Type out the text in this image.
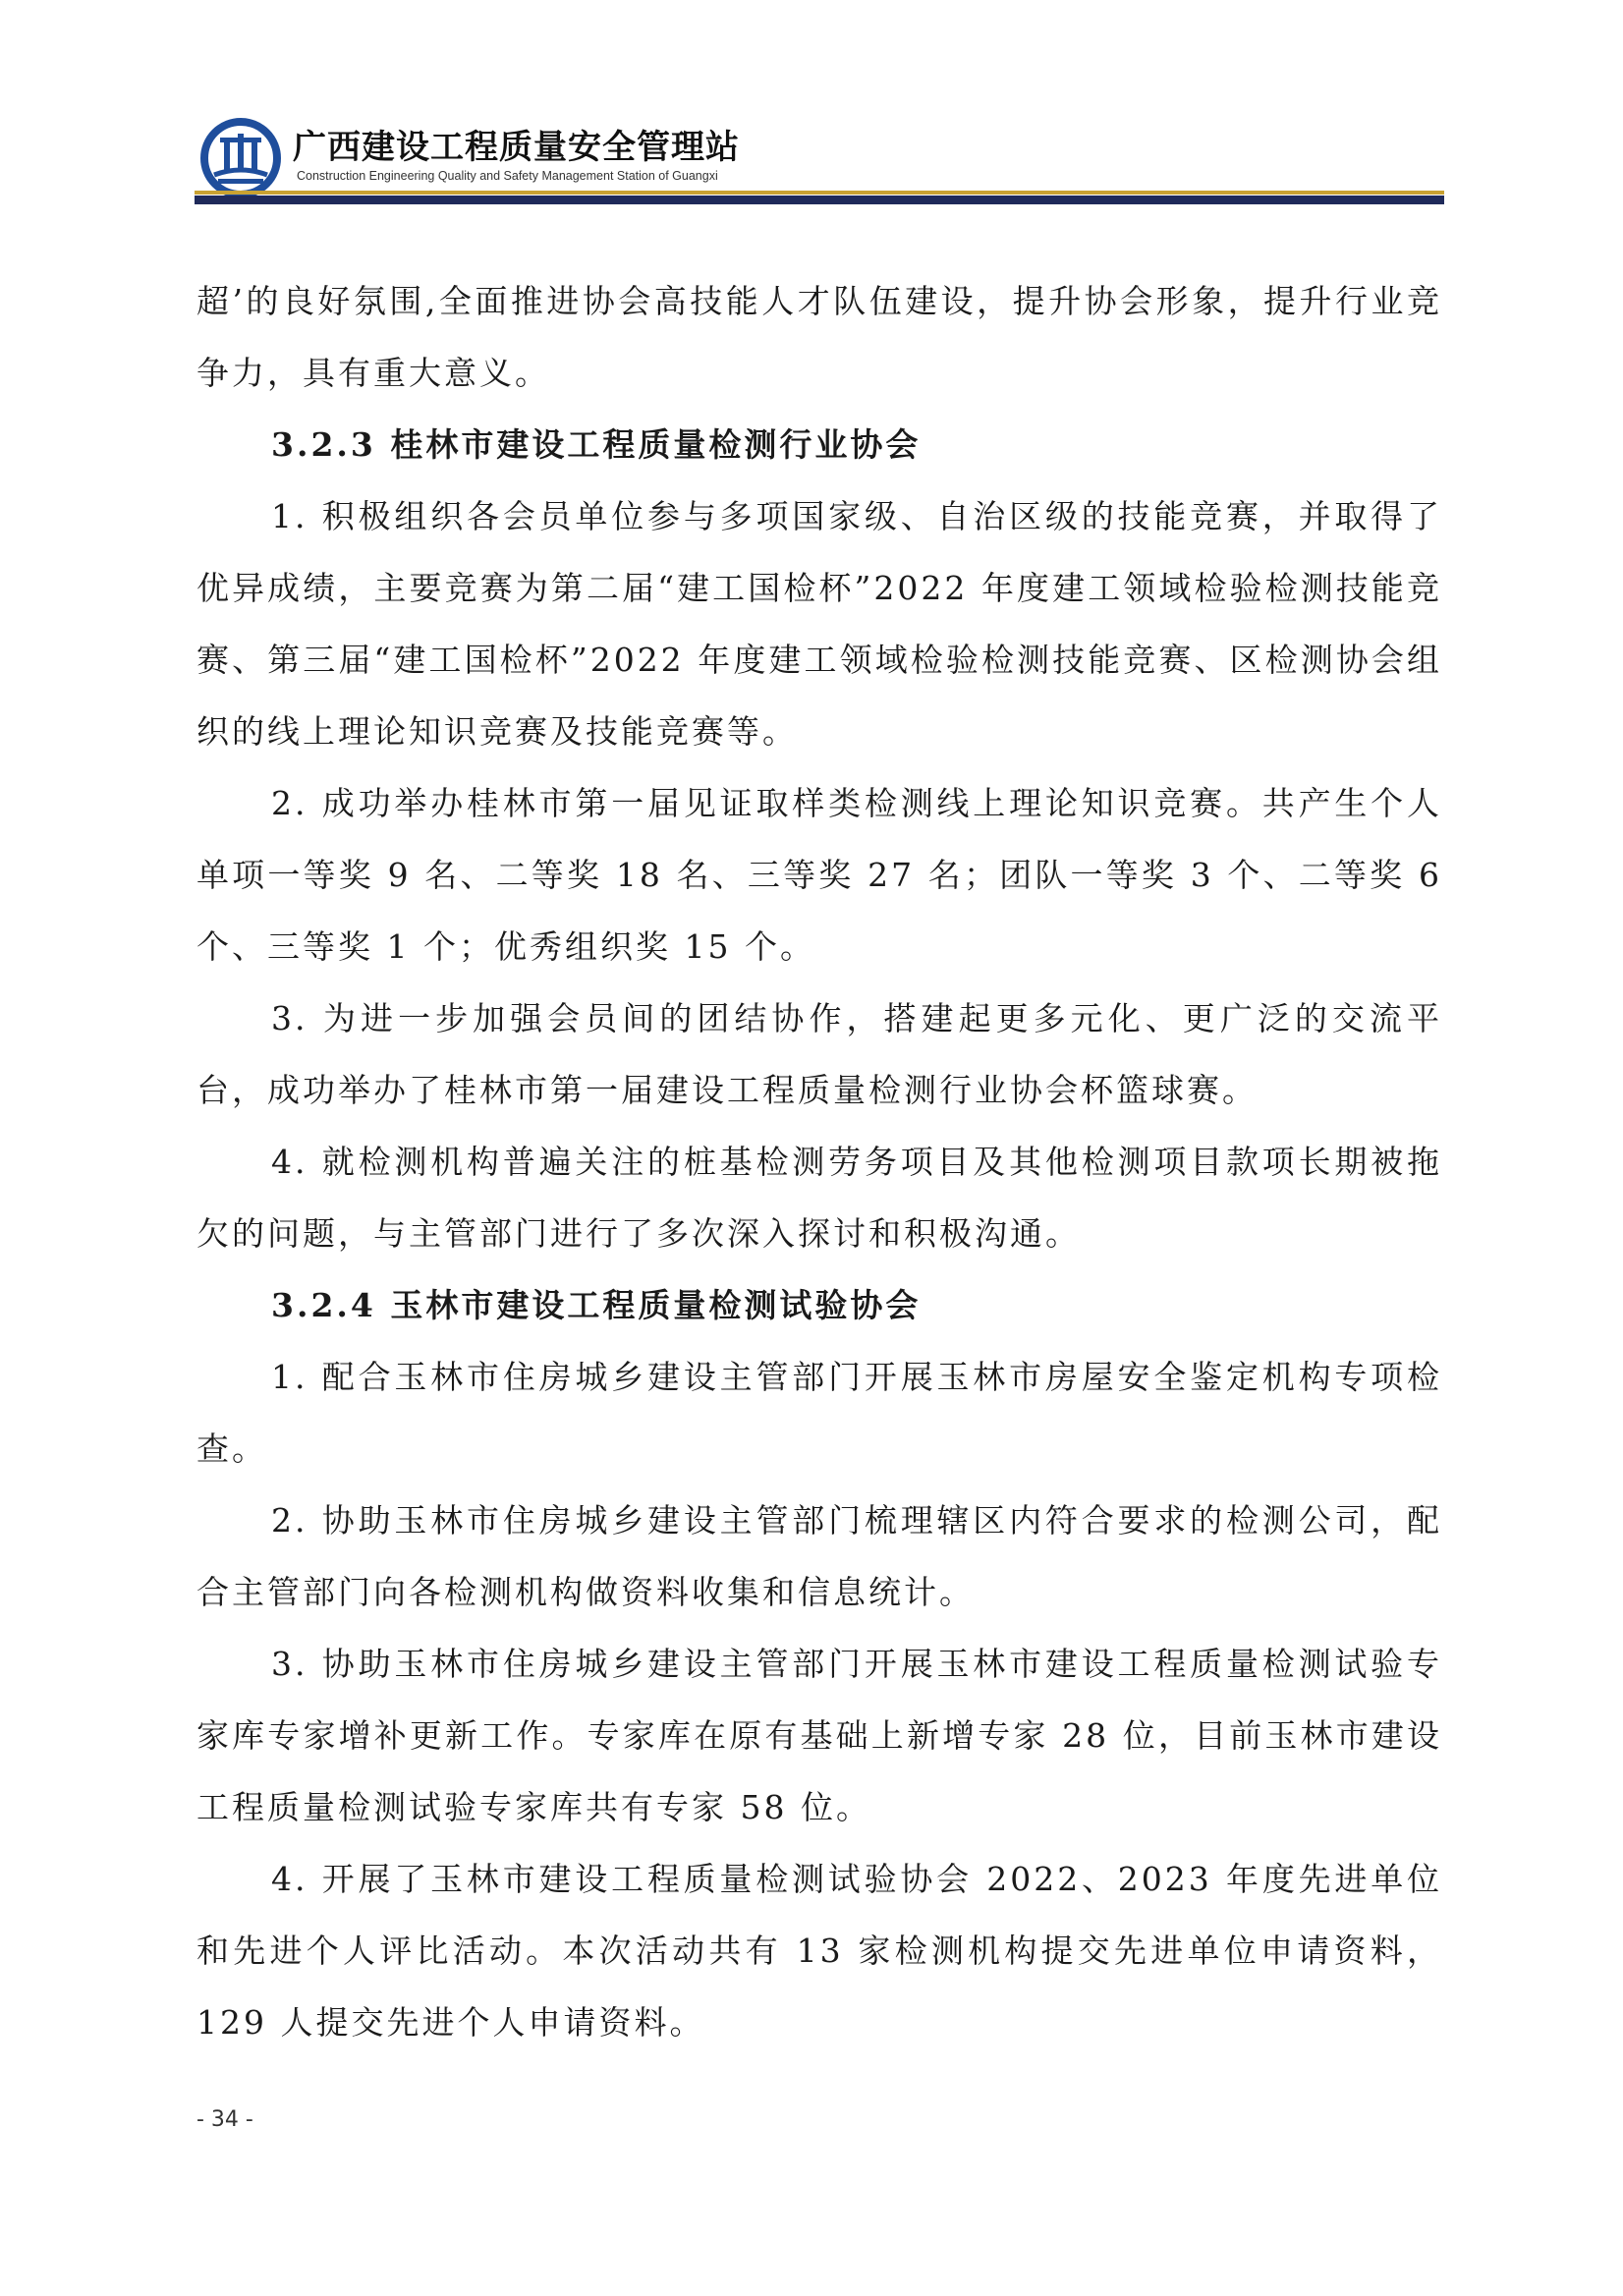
广西建设工程质量安全管理站
Construction Engineering Quality and Safety Management Station of Guangxi

超’的良好氛围,全面推进协会高技能人才队伍建设，提升协会形象，提升行业竞争力，具有重大意义。

3.2.3 桂林市建设工程质量检测行业协会

1. 积极组织各会员单位参与多项国家级、自治区级的技能竞赛，并取得了优异成绩，主要竞赛为第二届“建工国检杯”2022 年度建工领域检验检测技能竞赛、第三届“建工国检杯”2022 年度建工领域检验检测技能竞赛、区检测协会组织的线上理论知识竞赛及技能竞赛等。

2. 成功举办桂林市第一届见证取样类检测线上理论知识竞赛。共产生个人单项一等奖 9 名、二等奖 18 名、三等奖 27 名；团队一等奖 3 个、二等奖 6 个、三等奖 1 个；优秀组织奖 15 个。

3. 为进一步加强会员间的团结协作，搭建起更多元化、更广泛的交流平台，成功举办了桂林市第一届建设工程质量检测行业协会杯篮球赛。

4. 就检测机构普遍关注的桩基检测劳务项目及其他检测项目款项长期被拖欠的问题，与主管部门进行了多次深入探讨和积极沟通。

3.2.4 玉林市建设工程质量检测试验协会

1. 配合玉林市住房城乡建设主管部门开展玉林市房屋安全鉴定机构专项检查。

2. 协助玉林市住房城乡建设主管部门梳理辖区内符合要求的检测公司，配合主管部门向各检测机构做资料收集和信息统计。

3. 协助玉林市住房城乡建设主管部门开展玉林市建设工程质量检测试验专家库专家增补更新工作。专家库在原有基础上新增专家 28 位，目前玉林市建设工程质量检测试验专家库共有专家 58 位。

4. 开展了玉林市建设工程质量检测试验协会 2022、2023 年度先进单位和先进个人评比活动。本次活动共有 13 家检测机构提交先进单位申请资料，129 人提交先进个人申请资料。

- 34 -
